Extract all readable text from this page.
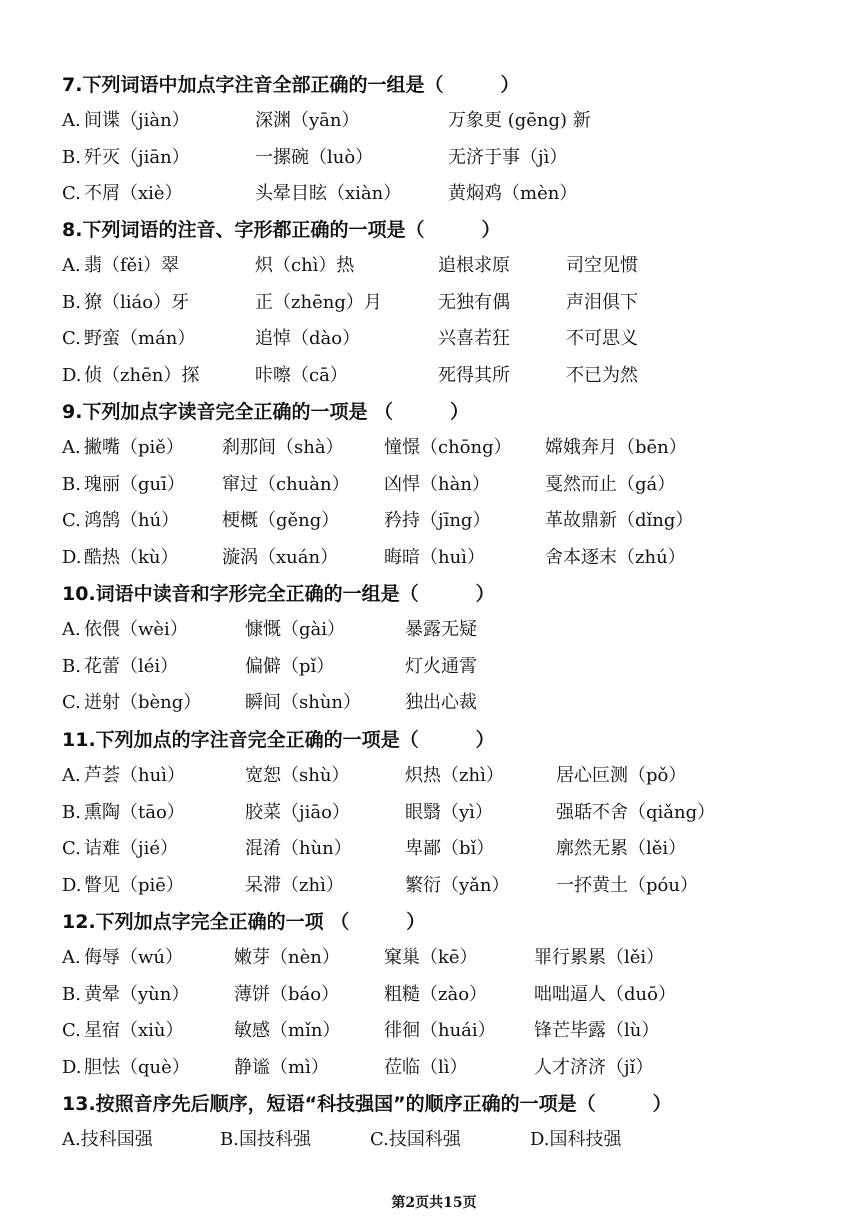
7.下列词语中加点字注音全部正确的一组是（　　　）
A. 间谍（jiàn）	深渊（yān）	万象更 (gēng) 新
B. 歼灭（jiān）	一摞碗（luò）	无济于事（jì）
C. 不屑（xiè）	头晕目眩（xiàn）	黄焖鸡（mèn）
8.下列词语的注音、字形都正确的一项是（　　　）
A. 翡（fěi）翠	炽（chì）热	追根求原	司空见惯
B. 獠（liáo）牙	正（zhēng）月	无独有偶	声泪俱下
C. 野蛮（mán）	追悼（dào）	兴喜若狂	不可思义
D. 侦（zhēn）探	咔嚓（cā）	死得其所	不已为然
9.下列加点字读音完全正确的一项是 （　　　）
A. 撇嘴（piě） 刹那间（shà） 憧憬（chōng） 嫦娥奔月（bēn）
B. 瑰丽（guī） 窜过（chuàn） 凶悍（hàn）	戛然而止（gá）
C. 鸿鹄（hú） 梗概（gěng） 矜持（jīng）	革故鼎新（dǐng）
D. 酷热（kù） 漩涡（xuán）	晦暗（huì）	舍本逐末（zhú）
10.词语中读音和字形完全正确的一组是（　　　）
A. 依偎（wèi）	慷慨（gài）	暴露无疑
B. 花蕾（léi）	偏僻（pǐ）	灯火通霄
C. 迸射（bèng） 瞬间（shùn） 独出心裁
11.下列加点的字注音完全正确的一项是（　　　）
A. 芦荟（huì）	宽恕（shù）	炽热（zhì）	居心叵测（pǒ）
B. 熏陶（tāo）	胶菜（jiāo）	眼翳（yì）	强聒不舍（qiǎng）
C. 诘难（jié）	混淆（hùn）	卑鄙（bǐ）	廓然无累（lěi）
D. 瞥见（piē）	呆滞（zhì）	繁衍（yǎn）	一抔黄土（póu）
12.下列加点字完全正确的一项 （　　　）
A. 侮辱（wú）	嫩芽（nèn） 窠巢（kē）	罪行累累（lěi）
B. 黄晕（yùn） 薄饼（báo） 粗糙（zào）	咄咄逼人（duō）
C. 星宿（xiù）	敏感（mǐn） 徘徊（huái） 锋芒毕露（lù）
D. 胆怯（què） 静谧（mì）	莅临（lì）	人才济济（jǐ）
13.按照音序先后顺序，短语“科技强国”的顺序正确的一项是（　　　）
A.技科国强	B.国技科强	C.技国科强	D.国科技强
第2页共15页
